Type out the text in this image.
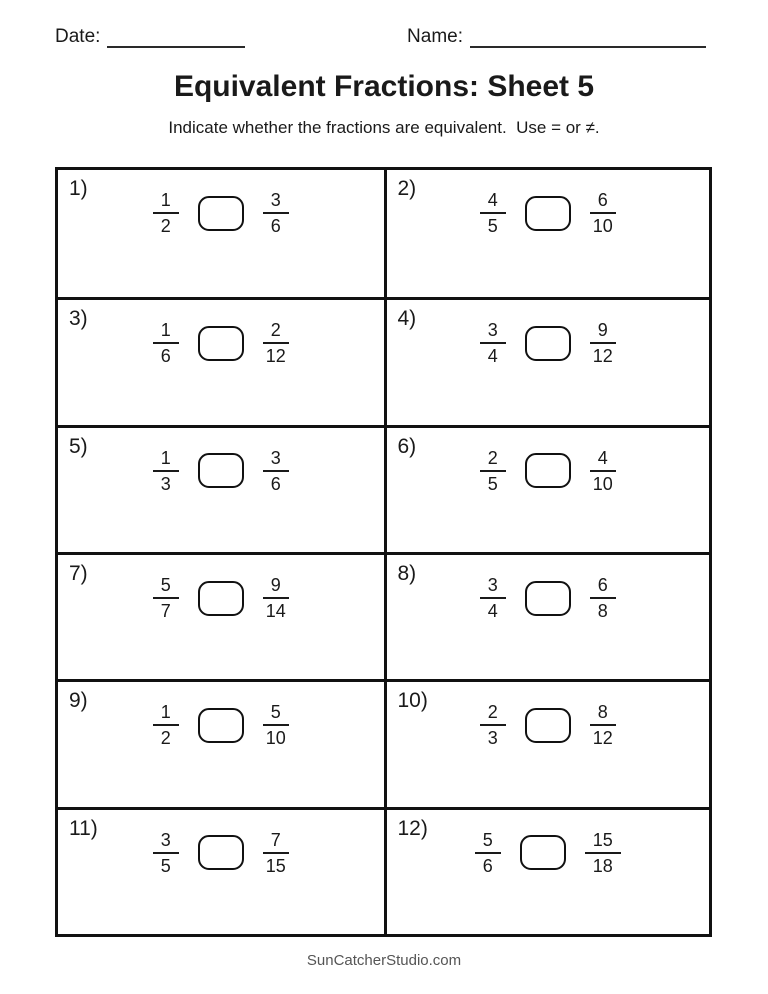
Date:	Name:
Equivalent Fractions: Sheet 5

Indicate whether the fractions are equivalent.  Use = or ≠.

1)
$\frac{1}{2}$	$\frac{3}{6}$
2)
$\frac{4}{5}$	$\frac{6}{10}$
3)
$\frac{1}{6}$	$\frac{2}{12}$
4)
$\frac{3}{4}$	$\frac{9}{12}$
5)
$\frac{1}{3}$	$\frac{3}{6}$
6)
$\frac{2}{5}$	$\frac{4}{10}$
7)
$\frac{5}{7}$	$\frac{9}{14}$
8)
$\frac{3}{4}$	$\frac{6}{8}$
9)
$\frac{1}{2}$	$\frac{5}{10}$
10)
$\frac{2}{3}$	$\frac{8}{12}$
11)
$\frac{3}{5}$	$\frac{7}{15}$
12)
$\frac{5}{6}$	$\frac{15}{18}$
SunCatcherStudio.com
